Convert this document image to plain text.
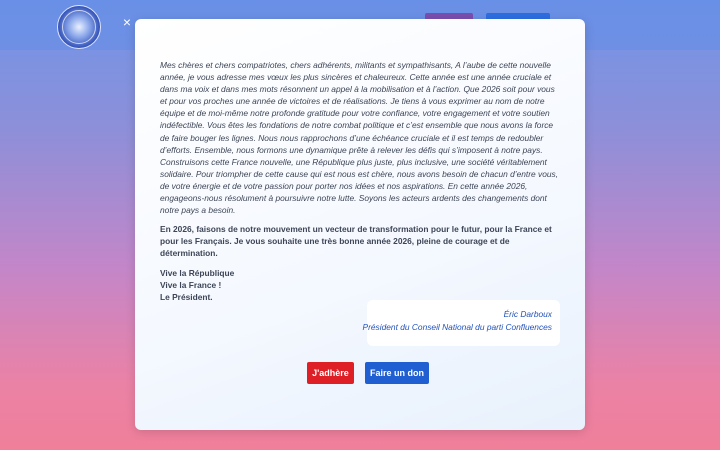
×

Mes chères et chers compatriotes, chers adhérents, militants et sympathisants, A l’aube de cette nouvelle année, je vous adresse mes vœux les plus sincères et chaleureux. Cette année est une année cruciale et dans ma voix et dans mes mots résonnent un appel à la mobilisation et à l’action. Que 2026 soit pour vous et pour vos proches une année de victoires et de réalisations. Je tiens à vous exprimer au nom de notre équipe et de moi-même notre profonde gratitude pour votre confiance, votre engagement et votre soutien indéfectible. Vous êtes les fondations de notre combat politique et c’est ensemble que nous avons la force de faire bouger les lignes. Nous nous rapprochons d’une échéance cruciale et il est temps de redoubler d’efforts. Ensemble, nous formons une dynamique prête à relever les défis qui s’imposent à notre pays. Construisons cette France nouvelle, une République plus juste, plus inclusive, une société véritablement solidaire. Pour triompher de cette cause qui est nous est chère, nous avons besoin de chacun d’entre vous, de votre énergie et de votre passion pour porter nos idées et nos aspirations. En cette année 2026, engageons-nous résolument à poursuivre notre lutte. Soyons les acteurs ardents des changements dont notre pays a besoin.

En 2026, faisons de notre mouvement un vecteur de transformation pour le futur, pour la France et pour les Français. Je vous souhaite une très bonne année 2026, pleine de courage et de détermination.

Vive la République
Vive la France !
Le Président.
Éric Darboux
Président du Conseil National du parti Confluences
J'adhère	Faire un don
